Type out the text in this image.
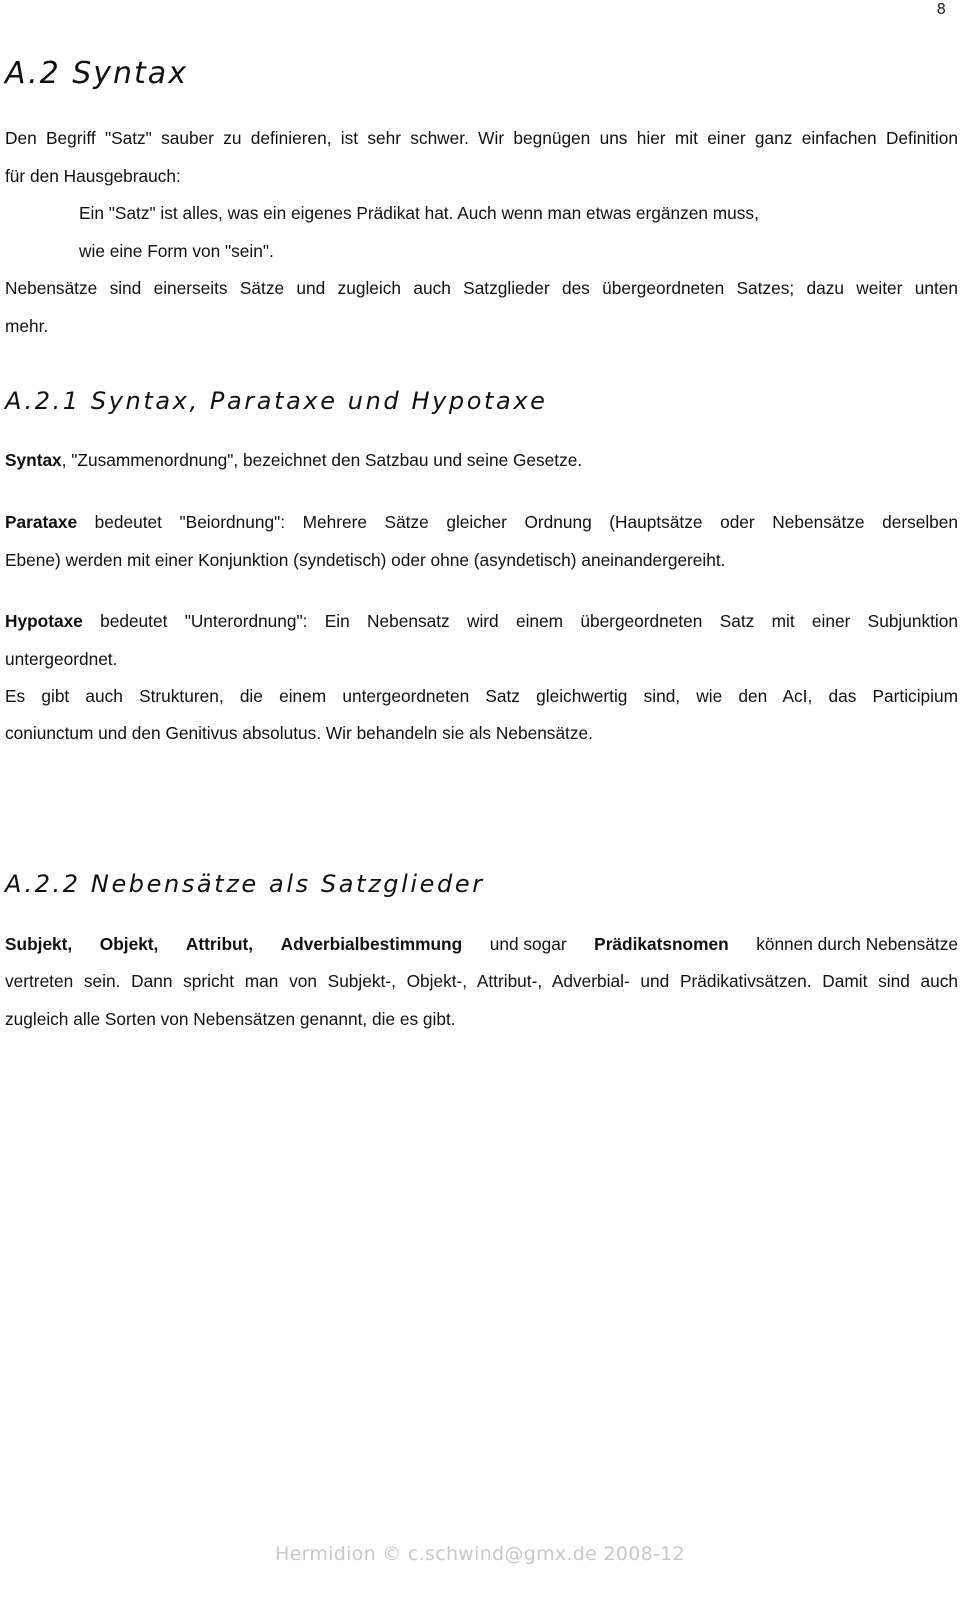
8
A.2 Syntax
Den Begriff "Satz" sauber zu definieren, ist sehr schwer. Wir begnügen uns hier mit einer ganz einfachen Definition
für den Hausgebrauch:
Ein "Satz" ist alles, was ein eigenes Prädikat hat. Auch wenn man etwas ergänzen muss,
wie eine Form von "sein".
Nebensätze sind einerseits Sätze und zugleich auch Satzglieder des übergeordneten Satzes; dazu weiter unten
mehr.
A.2.1 Syntax, Parataxe und Hypotaxe
Syntax, "Zusammenordnung", bezeichnet den Satzbau und seine Gesetze.
Parataxe bedeutet "Beiordnung": Mehrere Sätze gleicher Ordnung (Hauptsätze oder Nebensätze derselben
Ebene) werden mit einer Konjunktion (syndetisch) oder ohne (asyndetisch) aneinandergereiht.
Hypotaxe bedeutet "Unterordnung": Ein Nebensatz wird einem übergeordneten Satz mit einer Subjunktion
untergeordnet.
Es gibt auch Strukturen, die einem untergeordneten Satz gleichwertig sind, wie den AcI, das Participium
coniunctum und den Genitivus absolutus. Wir behandeln sie als Nebensätze.
A.2.2 Nebensätze als Satzglieder
Subjekt, Objekt, Attribut, Adverbialbestimmung und sogar Prädikatsnomen können durch Nebensätze
vertreten sein. Dann spricht man von Subjekt-, Objekt-, Attribut-, Adverbial- und Prädikativsätzen. Damit sind auch
zugleich alle Sorten von Nebensätzen genannt, die es gibt.
Hermidion © c.schwind@gmx.de 2008-12
